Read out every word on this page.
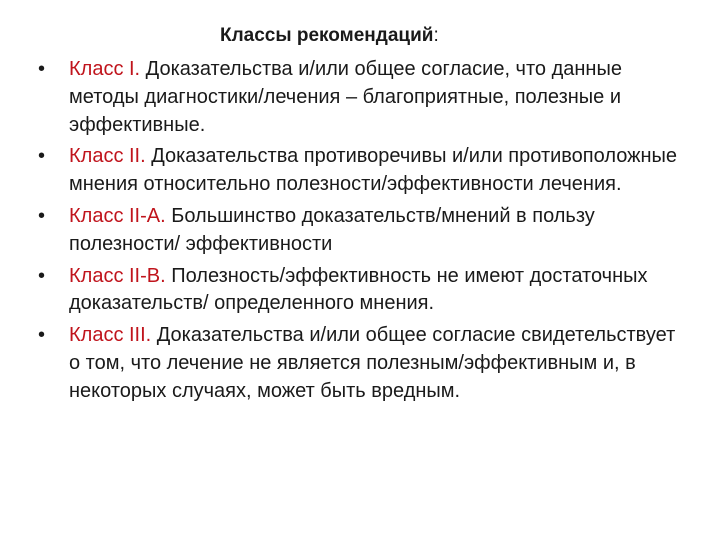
Классы рекомендаций:
•	Класс I. Доказательства и/или общее согласие, что данные методы диагностики/лечения – благоприятные, полезные и эффективные.
•	Класс II. Доказательства противоречивы и/или противоположные мнения относительно полезности/эффективности лечения.
•	Класс II-A. Большинство доказательств/мнений в пользу полезности/ эффективности
•	Класс II-B. Полезность/эффективность не имеют достаточных доказательств/ определенного мнения.
•	Класс III. Доказательства и/или общее согласие свидетельствует о том, что лечение не является полезным/эффективным и, в некоторых случаях, может быть вредным.
